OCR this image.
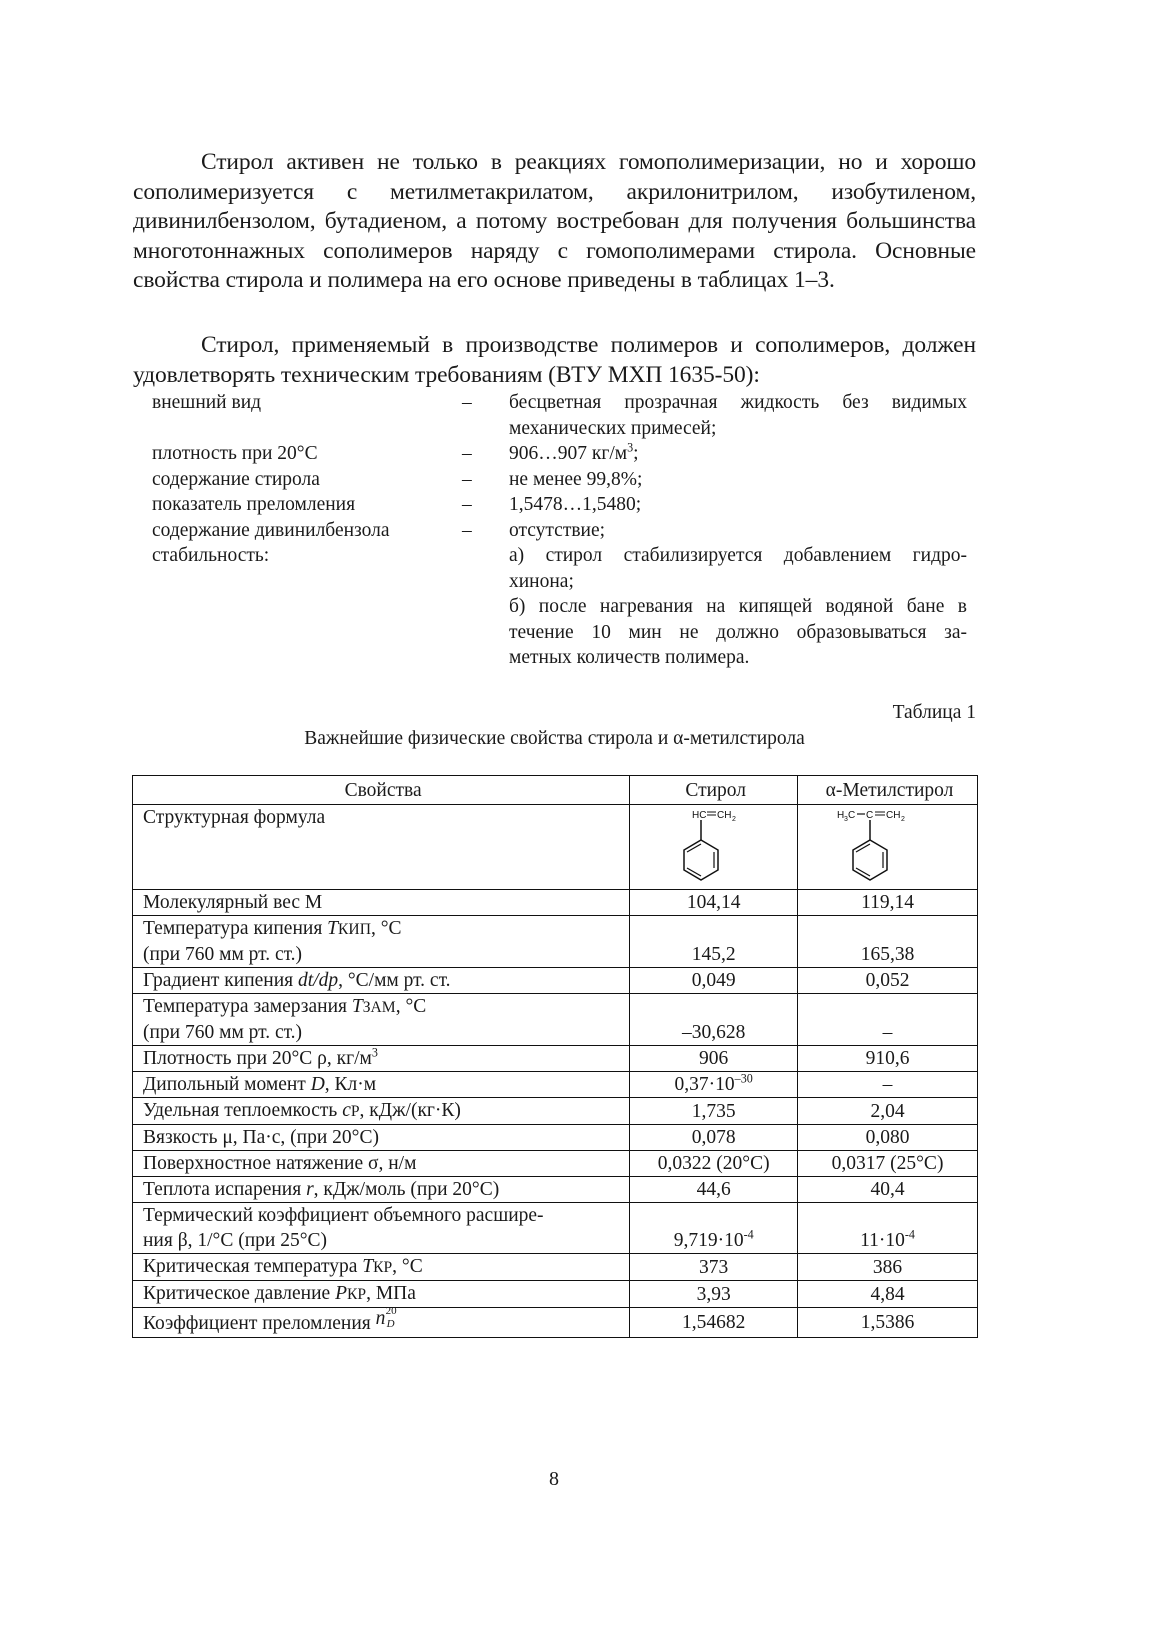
Стирол активен не только в реакциях гомополимеризации, но и хорошо сополимеризуется с метилметакрилатом, акрилонитрилом, изобутиленом, дивинилбензолом, бутадиеном, а потому востребован для получения большинства многотоннажных сополимеров наряду с гомополимерами стирола. Основные свойства стирола и полимера на его основе приведены в таблицах 1–3.
Стирол, применяемый в производстве полимеров и сополимеров, должен удовлетворять техническим требованиям (ВТУ МХП 1635-50):
внешний вид	–	бесцветная прозрачная жидкость без видимых
механических примесей;
плотность при 20°С	–	906…907 $кг/м^3$;
содержание стирола	–	не менее 99,8%;
показатель преломления	–	1,5478…1,5480;
содержание дивинилбензола	–	отсутствие;
стабильность:	а) стирол стабилизируется добавлением гидро-
хинона;
б) после нагревания на кипящей водяной бане в
течение 10 мин не должно образовываться за-
метных количеств полимера.
Таблица 1
Важнейшие физические свойства стирола и α-метилстирола
Свойства	Стирол	α-Метилстирол
Структурная формула	HC CH 2	H 3 C C CH 2

Молекулярный вес М	104,14	119,14
Температура кипения TКИП, °С
(при 760 мм рт. ст.)	145,2	165,38
Градиент кипения dt/dp, °С/мм рт. ст.	0,049	0,052
Температура замерзания TЗАМ, °С
(при 760 мм рт. ст.)	–30,628	–
Плотность при 20°С ρ, $кг/м^3$	906	910,6
Дипольный момент D, Кл·м	$0,37\cdot 10^{-30}$	–
Удельная теплоемкость cP, кДж/(кг·К)	1,735	2,04
Вязкость μ, Па·с, (при 20°С)	0,078	0,080
Поверхностное натяжение σ, н/м	0,0322 (20°С)	0,0317 (25°С)
Теплота испарения r, кДж/моль (при 20°С)	44,6	40,4
Термический коэффициент объемного расшире-
ния β, 1/°С (при 25°С)	$9,719\cdot 10^{-4}$	$11\cdot 10^{-4}$
Критическая температура TКР, °С	373	386
Критическое давление PКР, МПа	3,93	4,84
Коэффициент преломления n 20
D	1,54682	1,5386
8
